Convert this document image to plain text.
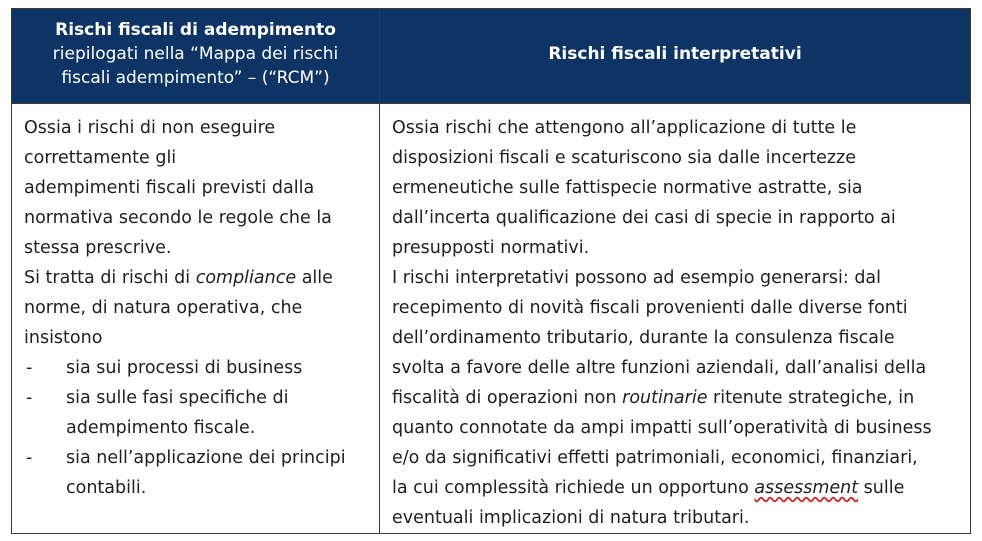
Rischi fiscali di adempimento
riepilogati nella “Mappa dei rischi
fiscali adempimento” – (“RCM”)
Rischi fiscali interpretativi
Ossia i rischi di non eseguire
correttamente gli
adempimenti fiscali previsti dalla
normativa secondo le regole che la
stessa prescrive.
Si tratta di rischi di compliance alle
norme, di natura operativa, che
insistono
- sia sui processi di business
- sia sulle fasi specifiche di
adempimento fiscale.
- sia nell’applicazione dei principi
contabili.
Ossia rischi che attengono all’applicazione di tutte le
disposizioni fiscali e scaturiscono sia dalle incertezze
ermeneutiche sulle fattispecie normative astratte, sia
dall’incerta qualificazione dei casi di specie in rapporto ai
presupposti normativi.
I rischi interpretativi possono ad esempio generarsi: dal
recepimento di novità fiscali provenienti dalle diverse fonti
dell’ordinamento tributario, durante la consulenza fiscale
svolta a favore delle altre funzioni aziendali, dall’analisi della
fiscalità di operazioni non routinarie ritenute strategiche, in
quanto connotate da ampi impatti sull’operatività di business
e/o da significativi effetti patrimoniali, economici, finanziari,
la cui complessità richiede un opportuno assessment sulle
eventuali implicazioni di natura tributari.
